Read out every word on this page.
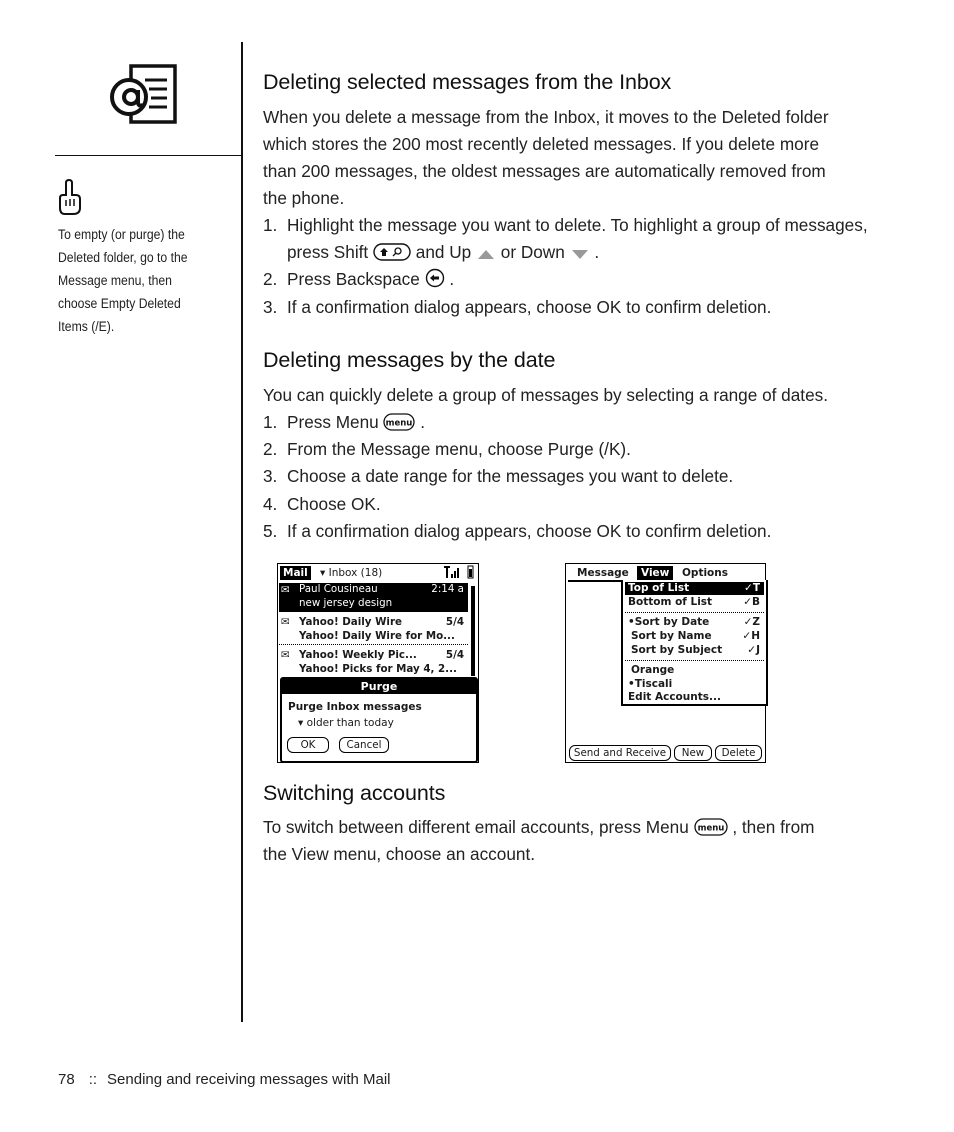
To empty (or purge) the
Deleted folder, go to the
Message menu, then
choose Empty Deleted
Items (/E).
Deleting selected messages from the Inbox
When you delete a message from the Inbox, it moves to the Deleted folder
which stores the 200 most recently deleted messages. If you delete more
than 200 messages, the oldest messages are automatically removed from
the phone.
1. Highlight the message you want to delete. To highlight a group of messages,
press Shift	and Up or Down .
2. Press Backspace .
3. If a confirmation dialog appears, choose OK to confirm deletion.
Deleting messages by the date
You can quickly delete a group of messages by selecting a range of dates.
1. Press Menu menu .
2. From the Message menu, choose Purge (/K).
3. Choose a date range for the messages you want to delete.
4. Choose OK.
5. If a confirmation dialog appears, choose OK to confirm deletion.
Mail ▾ Inbox (18)
✉ Paul Cousineau	2:14 a
new jersey design
✉ Yahoo! Daily Wire	5/4
Yahoo! Daily Wire for Mo...
✉ Yahoo! Weekly Pic...	5/4
Yahoo! Picks for May 4, 2...
Purge
Purge Inbox messages
▾ older than today
OK	Cancel
Message	View	Options
Top of List	✓T
Bottom of List	✓B
•Sort by Date	✓Z
Sort by Name	✓H
Sort by Subject ✓J
Orange
•Tiscali
Edit Accounts...
Send and Receive	New	Delete
Switching accounts
To switch between different email accounts, press Menu menu , then from
the View menu, choose an account.
78 :: Sending and receiving messages with Mail
